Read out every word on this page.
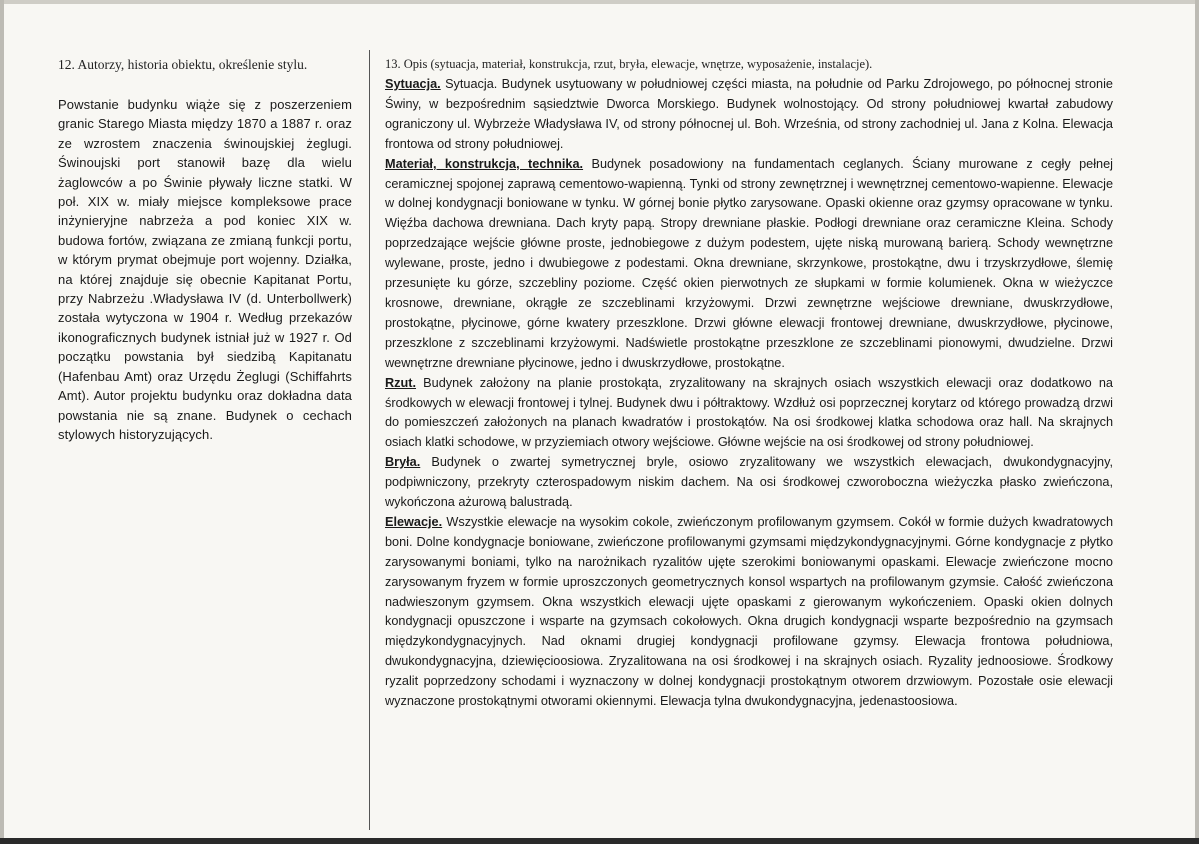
12. Autorzy, historia obiektu, określenie stylu.

Powstanie budynku wiąże się z poszerzeniem granic Starego Miasta między 1870 a 1887 r. oraz ze wzrostem znaczenia świnoujskiej żeglugi. Świnoujski port stanowił bazę dla wielu żaglowców a po Świnie pływały liczne statki. W poł. XIX w. miały miejsce kompleksowe prace inżynieryjne nabrzeża a pod koniec XIX w. budowa fortów, związana ze zmianą funkcji portu, w którym prymat obejmuje port wojenny. Działka, na której znajduje się obecnie Kapitanat Portu, przy Nabrzeżu .Władysława IV (d. Unterbollwerk) została wytyczona w 1904 r. Według przekazów ikonograficznych budynek istniał już w 1927 r. Od początku powstania był siedzibą Kapitanatu (Hafenbau Amt) oraz Urzędu Żeglugi (Schiffahrts Amt). Autor projektu budynku oraz dokładna data powstania nie są znane. Budynek o cechach stylowych historyzujących.

13. Opis (sytuacja, materiał, konstrukcja, rzut, bryła, elewacje, wnętrze, wyposażenie, instalacje).

Sytuacja. Sytuacja. Budynek usytuowany w południowej części miasta, na południe od Parku Zdrojowego, po północnej stronie Świny, w bezpośrednim sąsiedztwie Dworca Morskiego. Budynek wolnostojący. Od strony południowej kwartał zabudowy ograniczony ul. Wybrzeże Władysława IV, od strony północnej ul. Boh. Września, od strony zachodniej ul. Jana z Kolna. Elewacja frontowa od strony południowej.

Materiał, konstrukcja, technika. Budynek posadowiony na fundamentach ceglanych. Ściany murowane z cegły pełnej ceramicznej spojonej zaprawą cementowo-wapienną. Tynki od strony zewnętrznej i wewnętrznej cementowo-wapienne. Elewacje w dolnej kondygnacji boniowane w tynku. W górnej bonie płytko zarysowane. Opaski okienne oraz gzymsy opracowane w tynku. Więźba dachowa drewniana. Dach kryty papą. Stropy drewniane płaskie. Podłogi drewniane oraz ceramiczne Kleina. Schody poprzedzające wejście główne proste, jednobiegowe z dużym podestem, ujęte niską murowaną barierą. Schody wewnętrzne wylewane, proste, jedno i dwubiegowe z podestami. Okna drewniane, skrzynkowe, prostokątne, dwu i trzyskrzydłowe, ślemię przesunięte ku górze, szczebliny poziome. Część okien pierwotnych ze słupkami w formie kolumienek. Okna w wieżyczce krosnowe, drewniane, okrągłe ze szczeblinami krzyżowymi. Drzwi zewnętrzne wejściowe drewniane, dwuskrzydłowe, prostokątne, płycinowe, górne kwatery przeszklone. Drzwi główne elewacji frontowej drewniane, dwuskrzydłowe, płycinowe, przeszklone z szczeblinami krzyżowymi. Nadświetle prostokątne przeszklone ze szczeblinami pionowymi, dwudzielne. Drzwi wewnętrzne drewniane płycinowe, jedno i dwuskrzydłowe, prostokątne.

Rzut. Budynek założony na planie prostokąta, zryzalitowany na skrajnych osiach wszystkich elewacji oraz dodatkowo na środkowych w elewacji frontowej i tylnej. Budynek dwu i półtraktowy. Wzdłuż osi poprzecznej korytarz od którego prowadzą drzwi do pomieszczeń założonych na planach kwadratów i prostokątów. Na osi środkowej klatka schodowa oraz hall. Na skrajnych osiach klatki schodowe, w przyziemiach otwory wejściowe. Główne wejście na osi środkowej od strony południowej.

Bryła. Budynek o zwartej symetrycznej bryle, osiowo zryzalitowany we wszystkich elewacjach, dwukondygnacyjny, podpiwniczony, przekryty czterospadowym niskim dachem. Na osi środkowej czworoboczna wieżyczka płasko zwieńczona, wykończona ażurową balustradą.

Elewacje. Wszystkie elewacje na wysokim cokole, zwieńczonym profilowanym gzymsem. Cokół w formie dużych kwadratowych boni. Dolne kondygnacje boniowane, zwieńczone profilowanymi gzymsami międzykondygnacyjnymi. Górne kondygnacje z płytko zarysowanymi boniami, tylko na narożnikach ryzalitów ujęte szerokimi boniowanymi opaskami. Elewacje zwieńczone mocno zarysowanym fryzem w formie uproszczonych geometrycznych konsol wspartych na profilowanym gzymsie. Całość zwieńczona nadwieszonym gzymsem. Okna wszystkich elewacji ujęte opaskami z gierowanym wykończeniem. Opaski okien dolnych kondygnacji opuszczone i wsparte na gzymsach cokołowych. Okna drugich kondygnacji wsparte bezpośrednio na gzymsach międzykondygnacyjnych. Nad oknami drugiej kondygnacji profilowane gzymsy. Elewacja frontowa południowa, dwukondygnacyjna, dziewięcioosiowa. Zryzalitowana na osi środkowej i na skrajnych osiach. Ryzality jednoosiowe. Środkowy ryzalit poprzedzony schodami i wyznaczony w dolnej kondygnacji prostokątnym otworem drzwiowym. Pozostałe osie elewacji wyznaczone prostokątnymi otworami okiennymi. Elewacja tylna dwukondygnacyjna, jedenastoosiowa.
